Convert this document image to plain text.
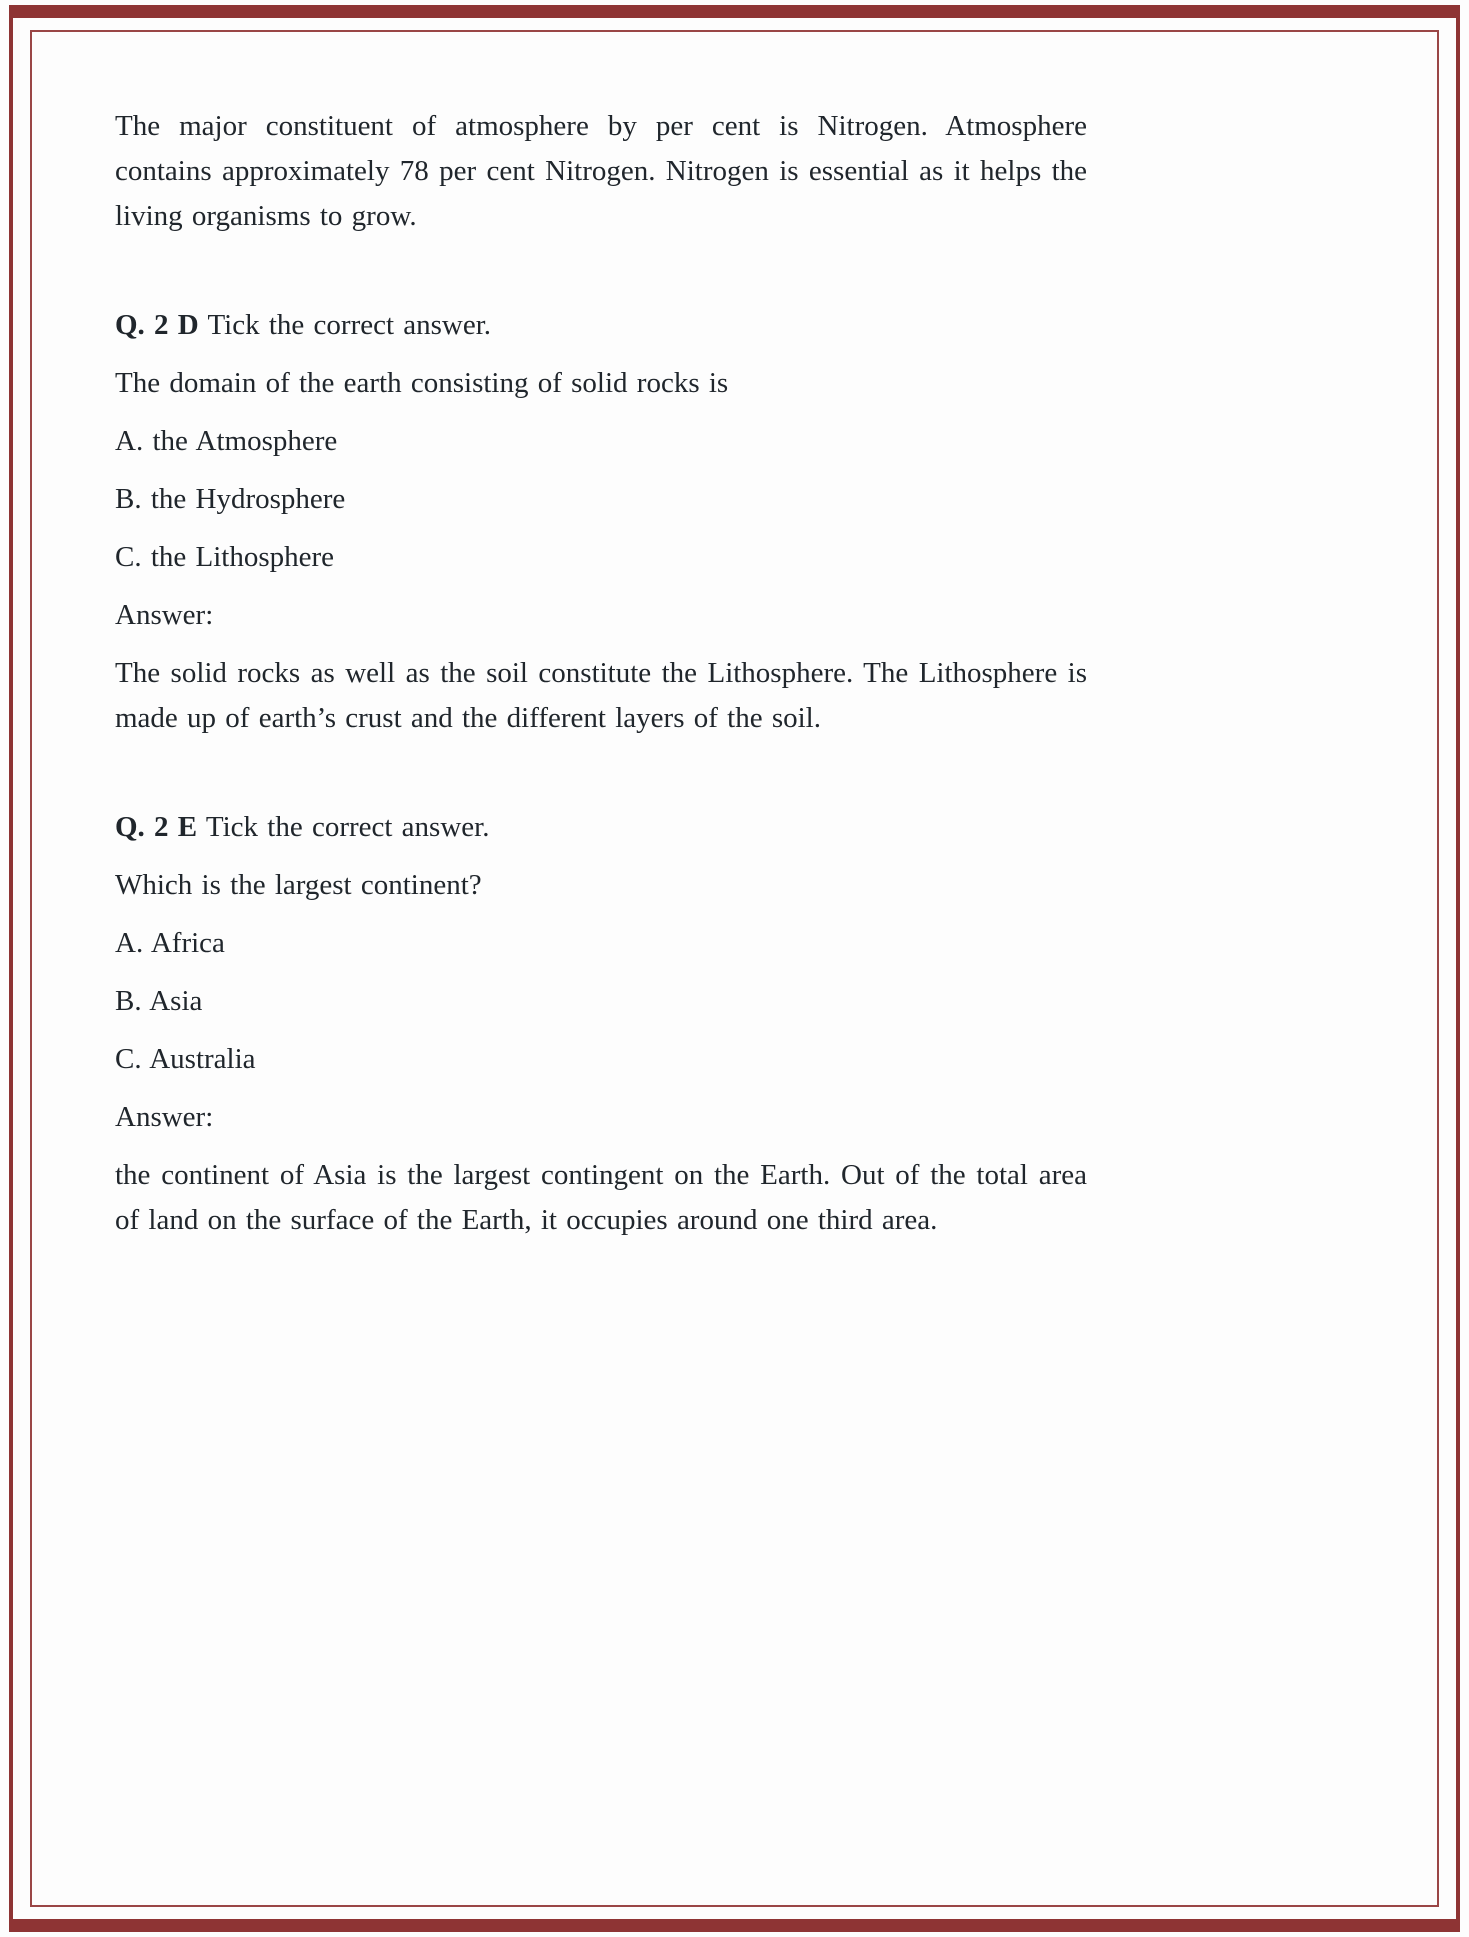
The major constituent of atmosphere by per cent is Nitrogen. Atmosphere contains approximately 78 per cent Nitrogen. Nitrogen is essential as it helps the living organisms to grow.

Q. 2 D Tick the correct answer.

The domain of the earth consisting of solid rocks is

A. the Atmosphere

B. the Hydrosphere

C. the Lithosphere

Answer:

The solid rocks as well as the soil constitute the Lithosphere. The Lithosphere is made up of earth’s crust and the different layers of the soil.

Q. 2 E Tick the correct answer.

Which is the largest continent?

A. Africa

B. Asia

C. Australia

Answer:

the continent of Asia is the largest contingent on the Earth. Out of the total area of land on the surface of the Earth, it occupies around one third area.
